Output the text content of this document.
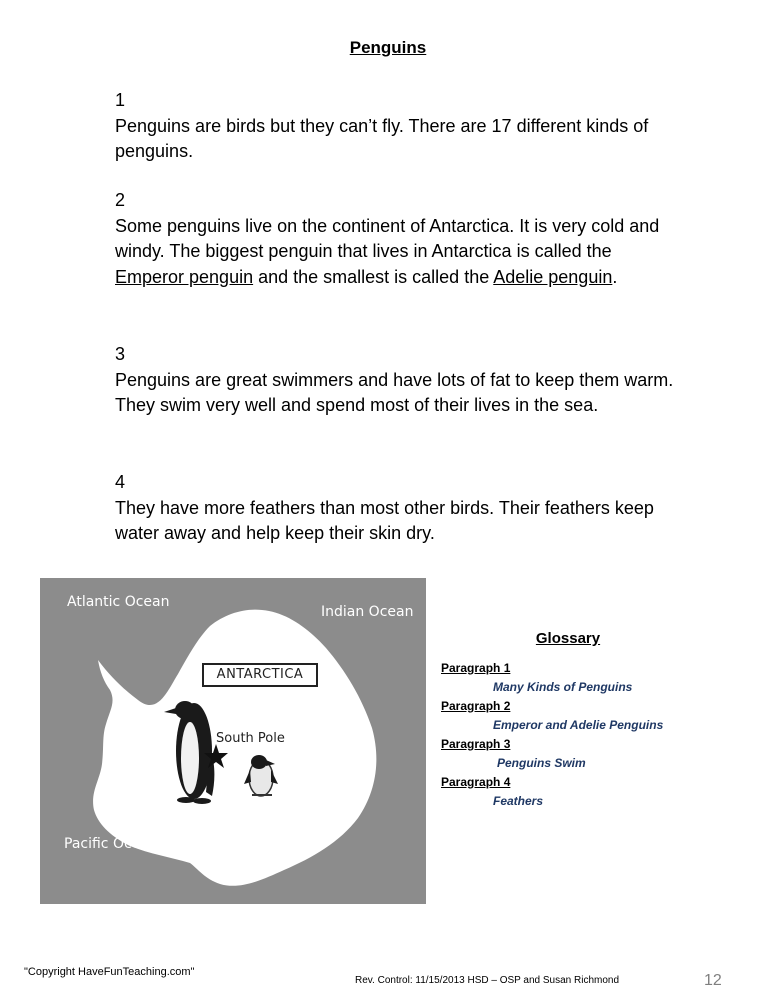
Penguins
1
Penguins are birds but they can’t fly. There are 17 different kinds of penguins.
2
Some penguins live on the continent of Antarctica. It is very cold and windy. The biggest penguin that lives in Antarctica is called the Emperor penguin and the smallest is called the Adelie penguin.
3
Penguins are great swimmers and have lots of fat to keep them warm. They swim very well and spend most of their lives in the sea.
4
They have more feathers than most other birds. Their feathers keep water away and help keep their skin dry.
Atlantic Ocean
Indian Ocean
Pacific Ocean
ANTARCTICA
South Pole
Glossary
Paragraph 1
Many Kinds of Penguins
Paragraph 2
Emperor and Adelie Penguins
Paragraph 3
Penguins Swim
Paragraph 4
Feathers
"Copyright HaveFunTeaching.com"
Rev. Control: 11/15/2013 HSD – OSP and Susan Richmond	12
